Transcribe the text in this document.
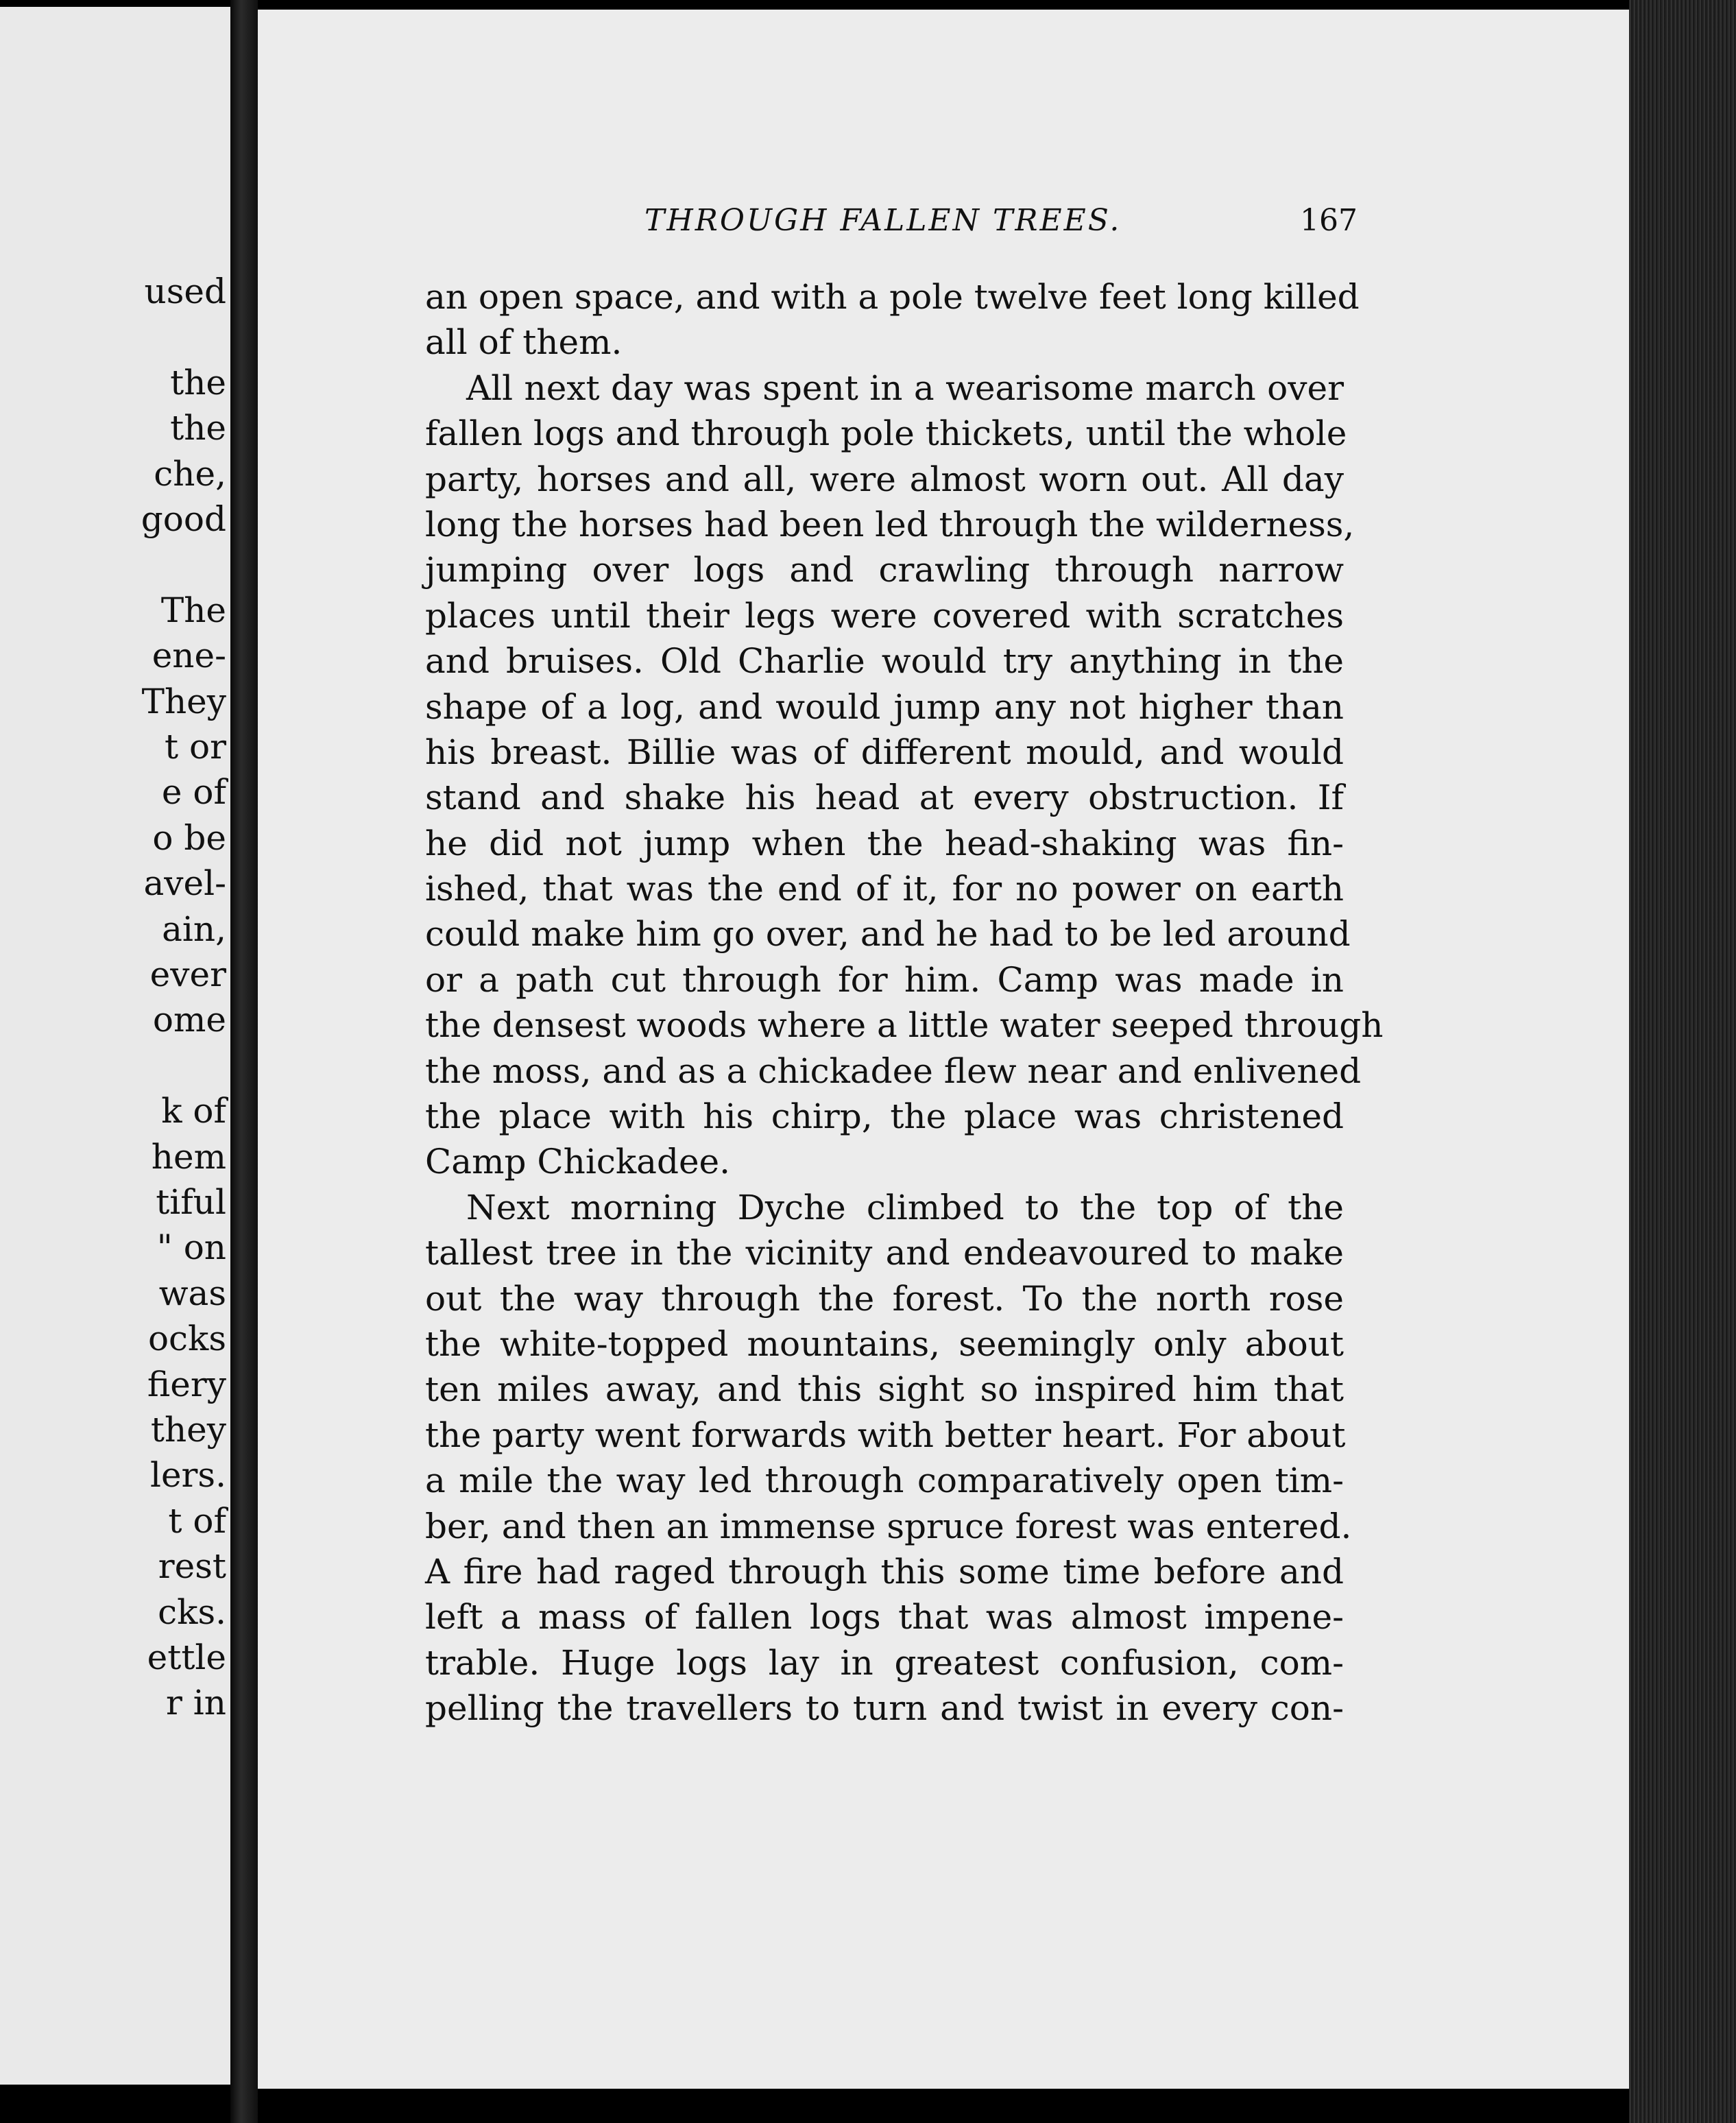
used
the
the
che,
good
The
ene-
They
t or
e of
o be
avel-
ain,
ever
ome
k of
hem
tiful
" on
was
ocks
fiery
they
lers.
t of
rest
cks.
ettle
r in
THROUGH FALLEN TREES.	167
an open space, and with a pole twelve feet long killed
all of them.
All next day was spent in a wearisome march over
fallen logs and through pole thickets, until the whole
party, horses and all, were almost worn out. All day
long the horses had been led through the wilderness,
jumping over logs and crawling through narrow
places until their legs were covered with scratches
and bruises. Old Charlie would try anything in the
shape of a log, and would jump any not higher than
his breast. Billie was of different mould, and would
stand and shake his head at every obstruction. If
he did not jump when the head-shaking was fin-
ished, that was the end of it, for no power on earth
could make him go over, and he had to be led around
or a path cut through for him. Camp was made in
the densest woods where a little water seeped through
the moss, and as a chickadee flew near and enlivened
the place with his chirp, the place was christened
Camp Chickadee.
Next morning Dyche climbed to the top of the
tallest tree in the vicinity and endeavoured to make
out the way through the forest. To the north rose
the white-topped mountains, seemingly only about
ten miles away, and this sight so inspired him that
the party went forwards with better heart. For about
a mile the way led through comparatively open tim-
ber, and then an immense spruce forest was entered.
A fire had raged through this some time before and
left a mass of fallen logs that was almost impene-
trable. Huge logs lay in greatest confusion, com-
pelling the travellers to turn and twist in every con-
